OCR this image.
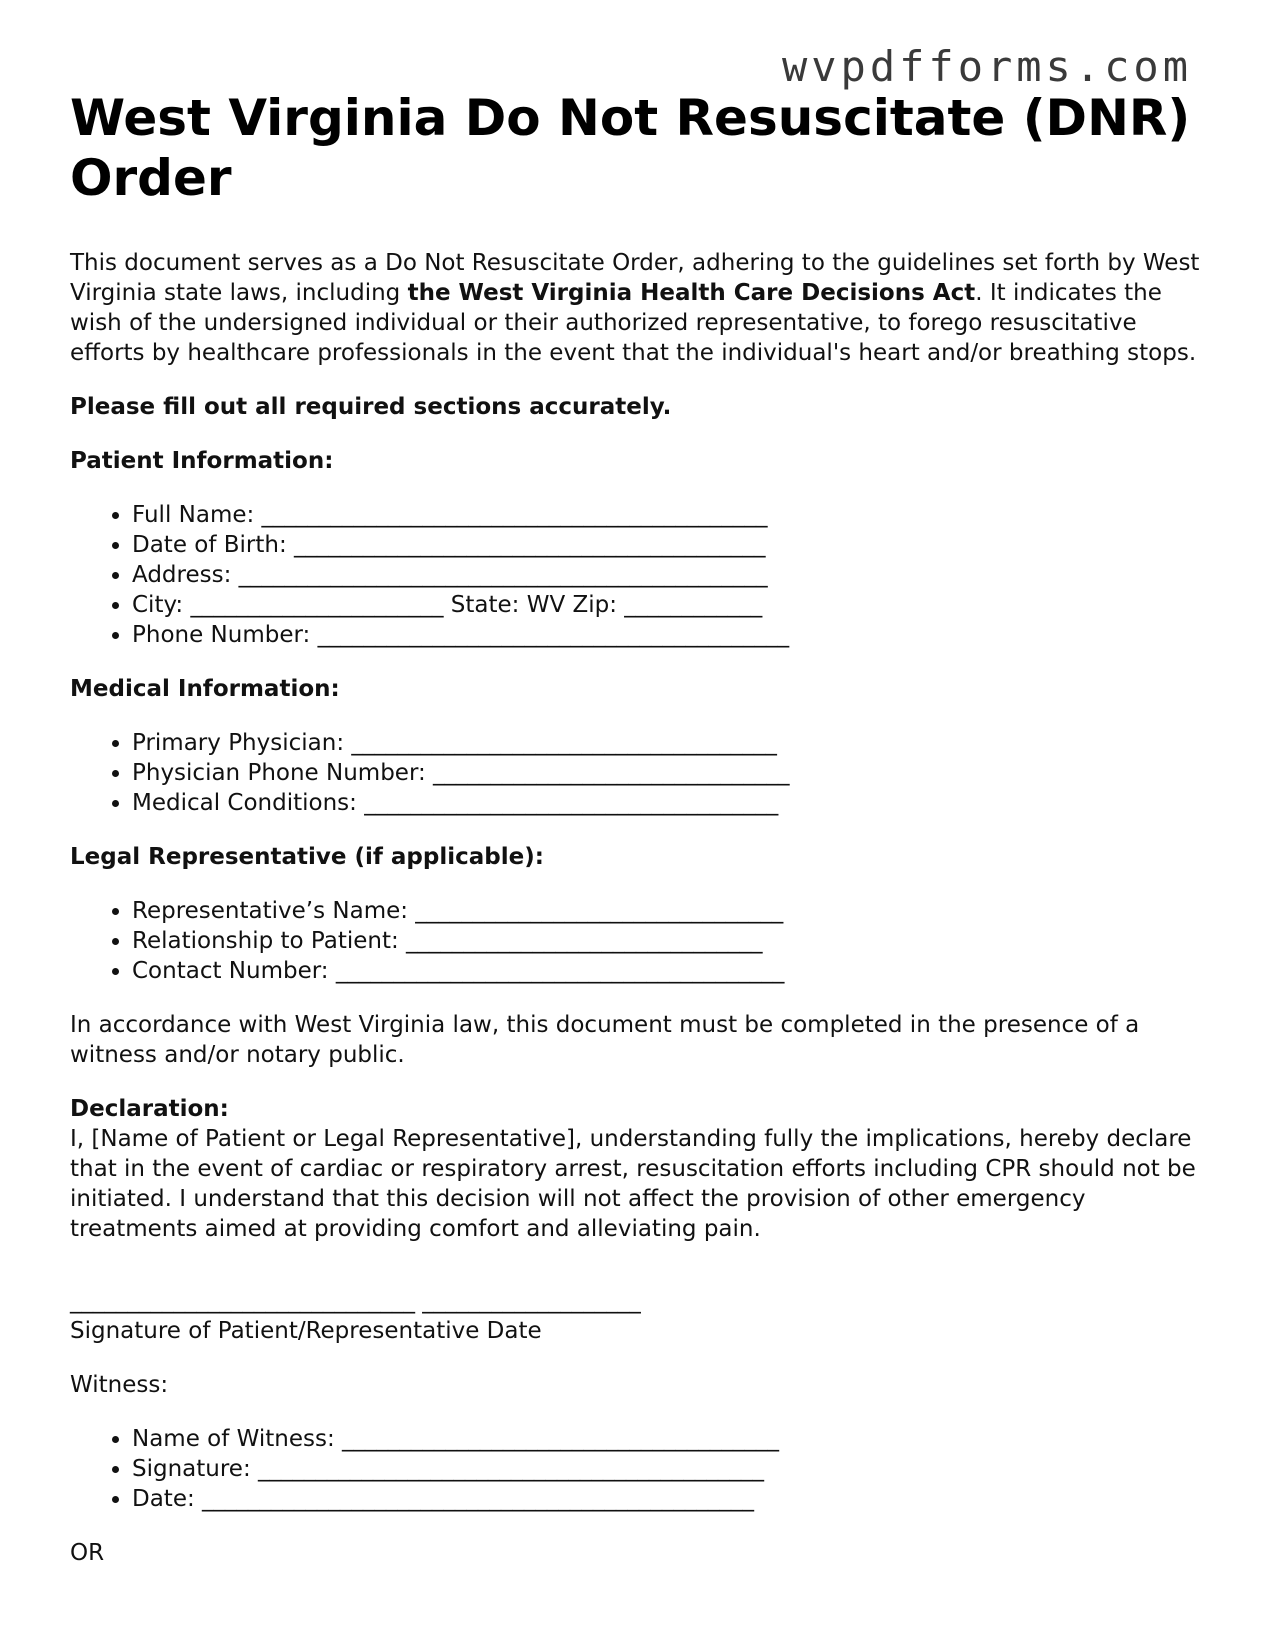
wvpdfforms.com
West Virginia Do Not Resuscitate (DNR) Order

This document serves as a Do Not Resuscitate Order, adhering to the guidelines set forth by West Virginia state laws, including the West Virginia Health Care Decisions Act. It indicates the wish of the undersigned individual or their authorized representative, to forego resuscitative efforts by healthcare professionals in the event that the individual's heart and/or breathing stops.

Please fill out all required sections accurately.

Patient Information:

• Full Name: ____________________________________________
• Date of Birth: _________________________________________
• Address: ______________________________________________
• City: ______________________ State: WV Zip: ____________
• Phone Number: _________________________________________

Medical Information:

• Primary Physician: _____________________________________
• Physician Phone Number: _______________________________
• Medical Conditions: ____________________________________

Legal Representative (if applicable):

• Representative’s Name: ________________________________
• Relationship to Patient: _______________________________
• Contact Number: _______________________________________

In accordance with West Virginia law, this document must be completed in the presence of a witness and/or notary public.

Declaration:

I, [Name of Patient or Legal Representative], understanding fully the implications, hereby declare that in the event of cardiac or respiratory arrest, resuscitation efforts including CPR should not be initiated. I understand that this decision will not affect the provision of other emergency treatments aimed at providing comfort and alleviating pain.

______________________________ ___________________
Signature of Patient/Representative Date

Witness:

• Name of Witness: ______________________________________
• Signature: ____________________________________________
• Date: ________________________________________________

OR
